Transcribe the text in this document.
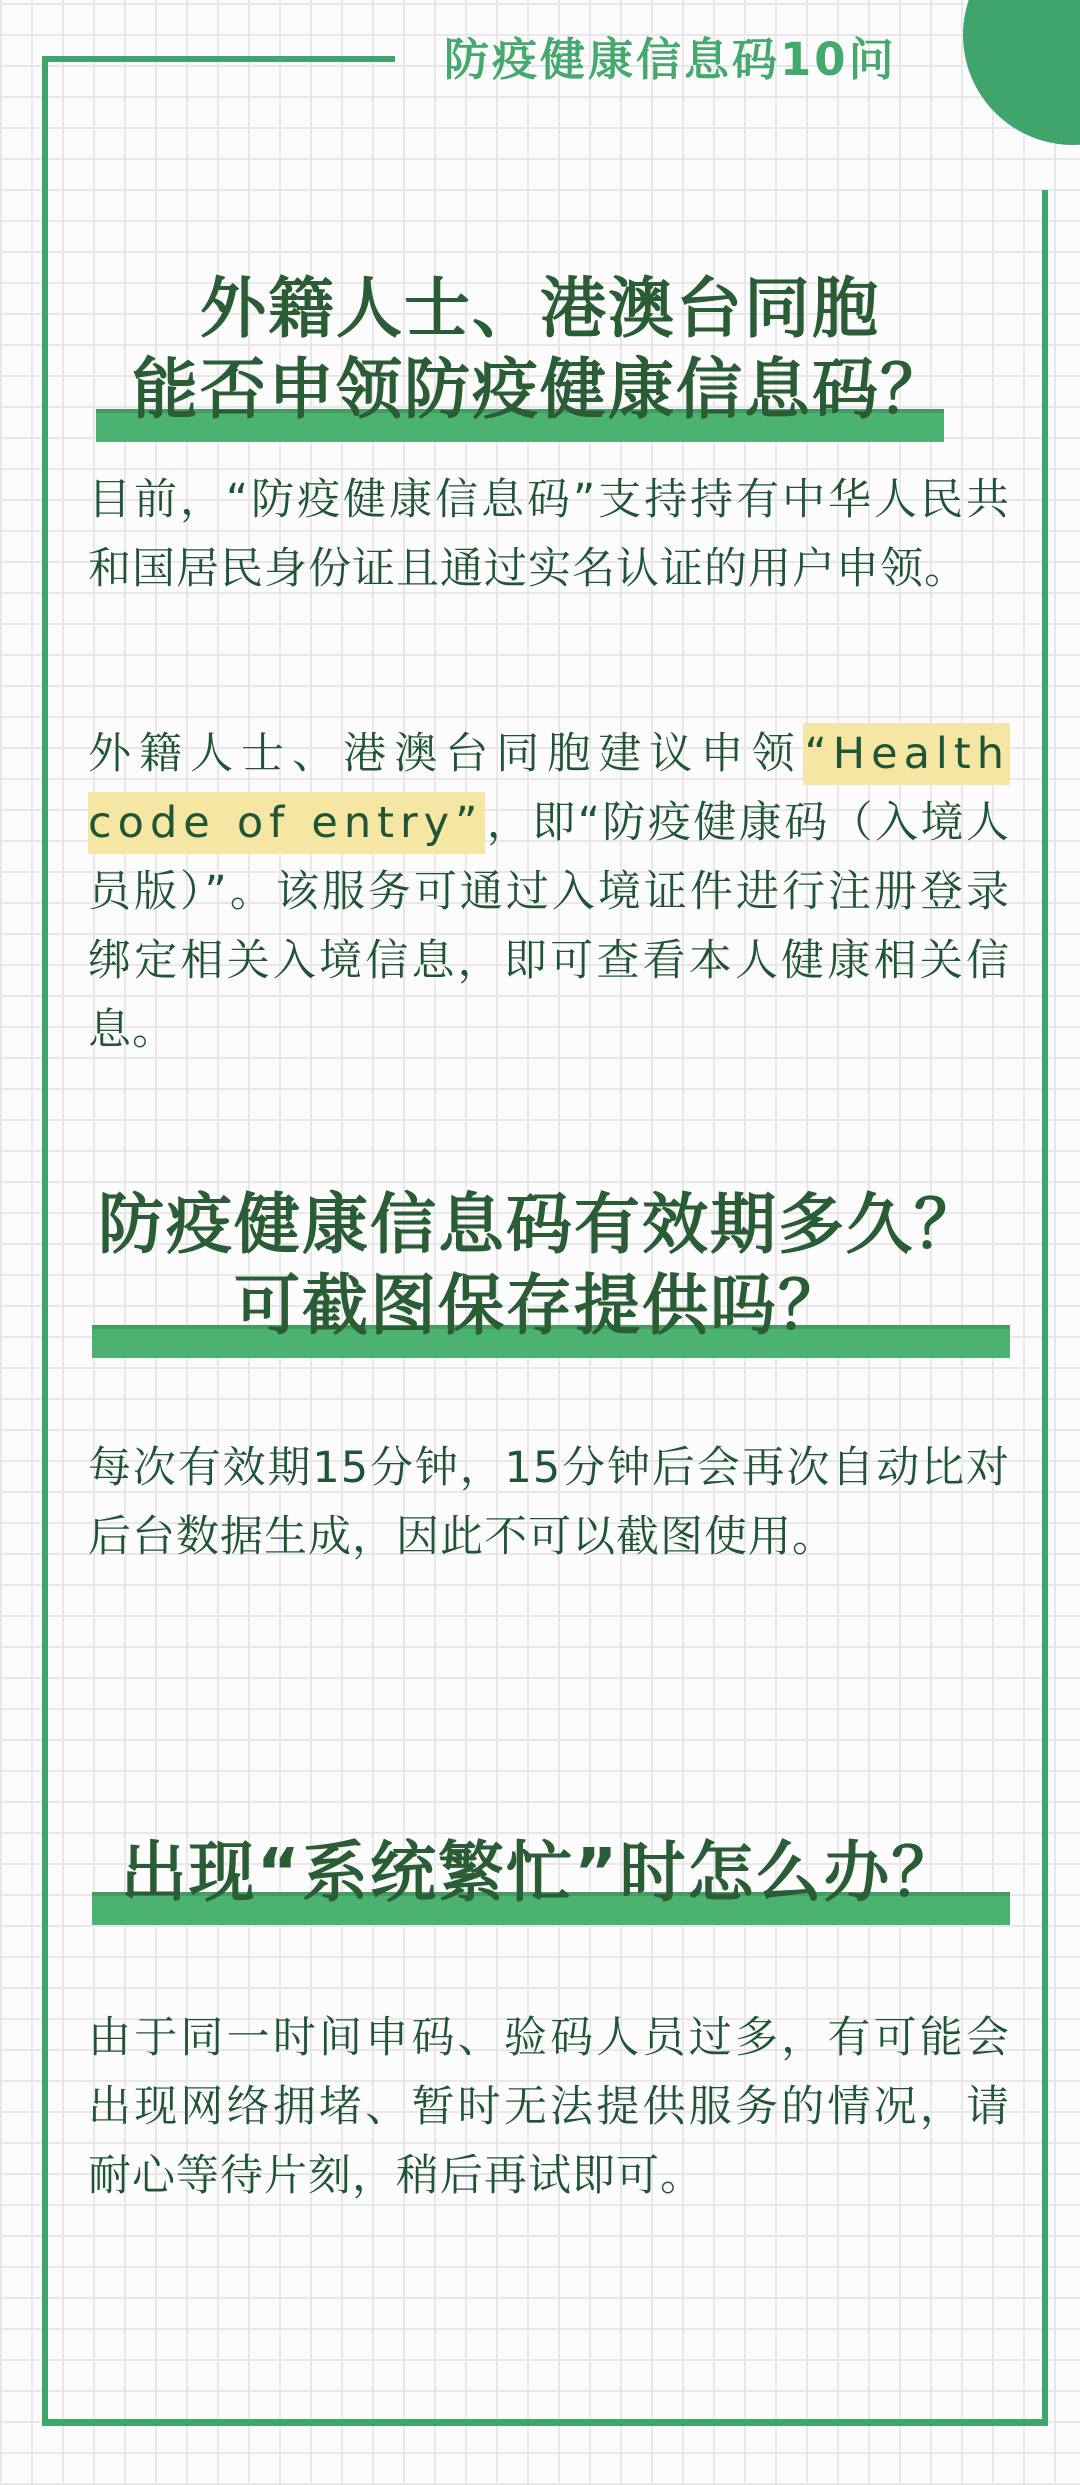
防疫健康信息码10问
外籍人士、港澳台同胞
能否申领防疫健康信息码？

目前，“防疫健康信息码”支持持有中华人民共和国居民身份证且通过实名认证的用户申领。

外籍人士、港澳台同胞建议申领“Health code of entry”，即“防疫健康码（入境人员版）”。该服务可通过入境证件进行注册登录绑定相关入境信息，即可查看本人健康相关信息。

防疫健康信息码有效期多久？
可截图保存提供吗？

每次有效期15分钟，15分钟后会再次自动比对后台数据生成，因此不可以截图使用。

出现“系统繁忙”时怎么办？

由于同一时间申码、验码人员过多，有可能会出现网络拥堵、暂时无法提供服务的情况，请耐心等待片刻，稍后再试即可。
